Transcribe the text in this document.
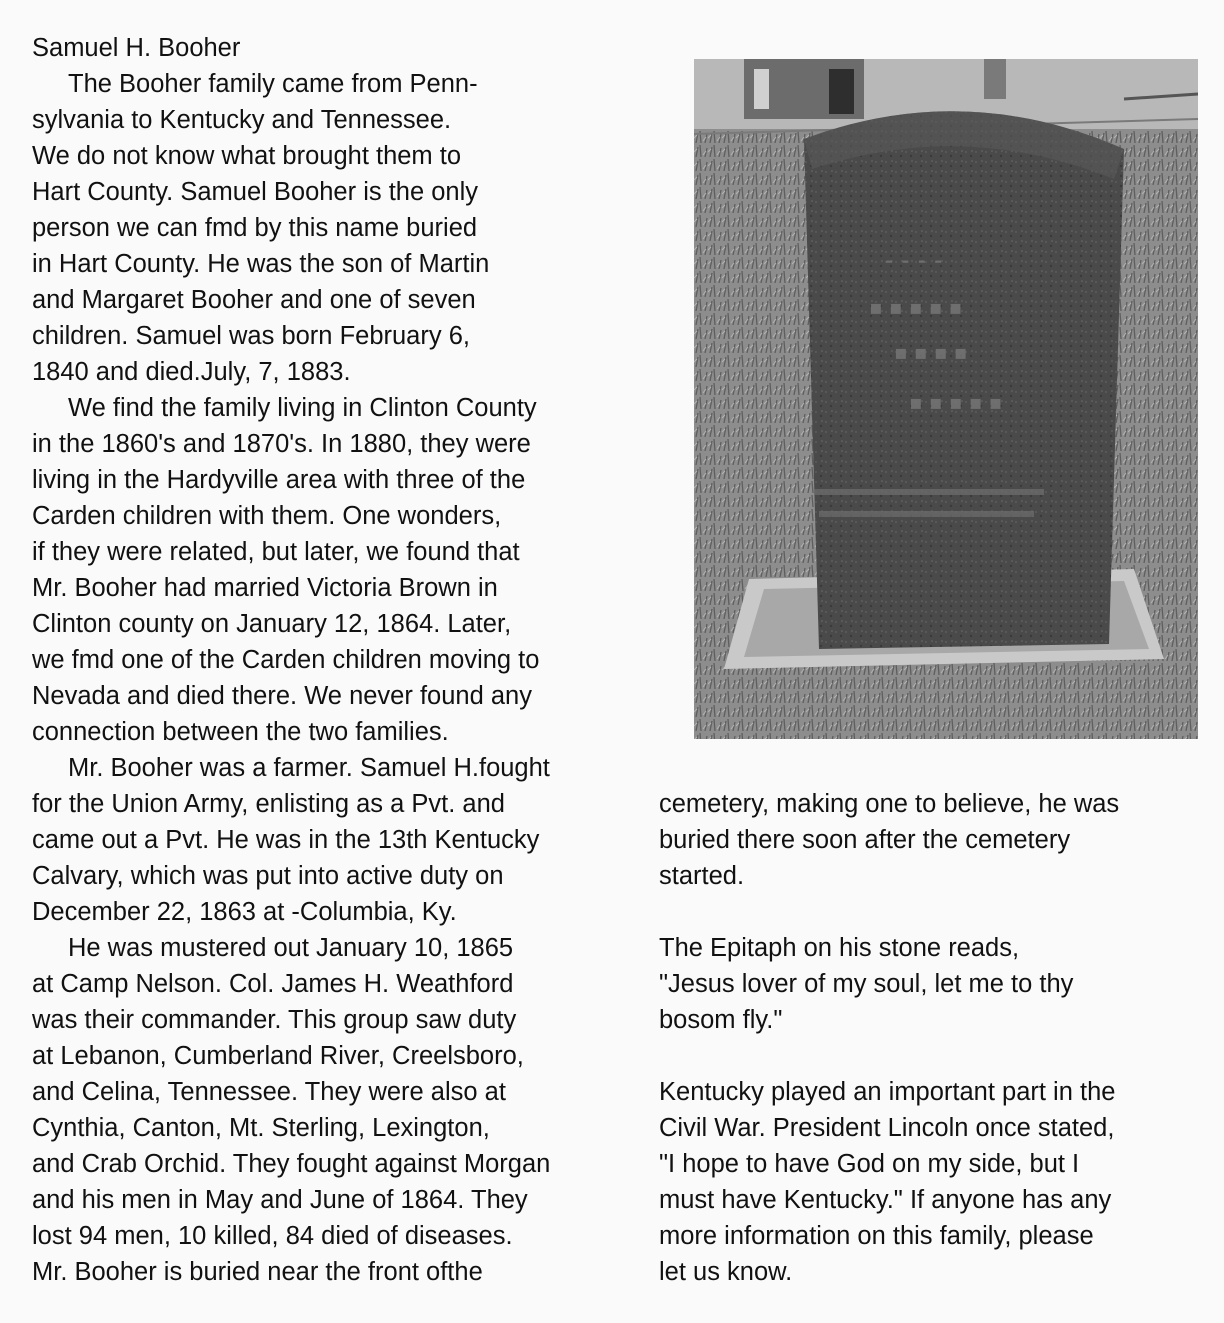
Samuel H. Booher
The Booher family came from Penn-
sylvania to Kentucky and Tennessee.
We do not know what brought them to
Hart County. Samuel Booher is the only
person we can fmd by this name buried
in Hart County. He was the son of Martin
and Margaret Booher and one of seven
children. Samuel was born February 6,
1840 and died.July, 7, 1883.
We find the family living in Clinton County
in the 1860's and 1870's. In 1880, they were
living in the Hardyville area with three of the
Carden children with them. One wonders,
if they were related, but later, we found that
Mr. Booher had married Victoria Brown in
Clinton county on January 12, 1864. Later,
we fmd one of the Carden children moving to
Nevada and died there. We never found any
connection between the two families.
Mr. Booher was a farmer. Samuel H.fought
for the Union Army, enlisting as a Pvt. and
came out a Pvt. He was in the 13th Kentucky
Calvary, which was put into active duty on
December 22, 1863 at -Columbia, Ky.
He was mustered out January 10, 1865
at Camp Nelson. Col. James H. Weathford
was their commander. This group saw duty
at Lebanon, Cumberland River, Creelsboro,
and Celina, Tennessee. They were also at
Cynthia, Canton, Mt. Sterling, Lexington,
and Crab Orchid. They fought against Morgan
and his men in May and June of 1864. They
lost 94 men, 10 killed, 84 died of diseases.
Mr. Booher is buried near the front ofthe
⁃ ⁃ ⁃ ⁃
▪ ▪ ▪ ▪ ▪
▪ ▪ ▪ ▪
▪ ▪ ▪ ▪ ▪
cemetery, making one to believe, he was
buried there soon after the cemetery
started.
The Epitaph on his stone reads,
"Jesus lover of my soul, let me to thy
bosom fly."
Kentucky played an important part in the
Civil War. President Lincoln once stated,
"I hope to have God on my side, but I
must have Kentucky." If anyone has any
more information on this family, please
let us know.
